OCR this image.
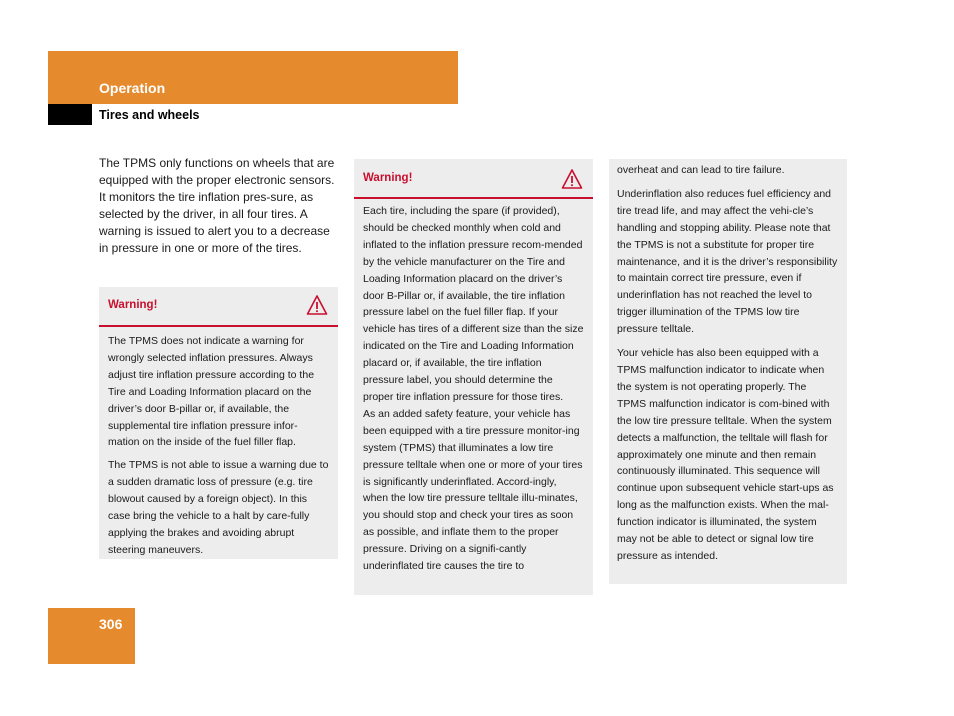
Operation
Tires and wheels
The TPMS only functions on wheels that are equipped with the proper electronic sensors. It monitors the tire inflation pres-sure, as selected by the driver, in all four tires. A warning is issued to alert you to a decrease in pressure in one or more of the tires.
Warning!

The TPMS does not indicate a warning for wrongly selected inflation pressures. Always adjust tire inflation pressure according to the Tire and Loading Information placard on the driver’s door B-pillar or, if available, the supplemental tire inflation pressure infor-mation on the inside of the fuel filler flap.

The TPMS is not able to issue a warning due to a sudden dramatic loss of pressure (e.g. tire blowout caused by a foreign object). In this case bring the vehicle to a halt by care-fully applying the brakes and avoiding abrupt steering maneuvers.

Warning!

Each tire, including the spare (if provided), should be checked monthly when cold and inflated to the inflation pressure recom-mended by the vehicle manufacturer on the Tire and Loading Information placard on the driver’s door B-Pillar or, if available, the tire inflation pressure label on the fuel filler flap. If your vehicle has tires of a different size than the size indicated on the Tire and Loading Information placard or, if available, the tire inflation pressure label, you should determine the proper tire inflation pressure for those tires.

As an added safety feature, your vehicle has been equipped with a tire pressure monitor-ing system (TPMS) that illuminates a low tire pressure telltale when one or more of your tires is significantly underinflated. Accord-ingly, when the low tire pressure telltale illu-minates, you should stop and check your tires as soon as possible, and inflate them to the proper pressure. Driving on a signifi-cantly underinflated tire causes the tire to

overheat and can lead to tire failure.

Underinflation also reduces fuel efficiency and tire tread life, and may affect the vehi-cle’s handling and stopping ability. Please note that the TPMS is not a substitute for proper tire maintenance, and it is the driver’s responsibility to maintain correct tire pressure, even if underinflation has not reached the level to trigger illumination of the TPMS low tire pressure telltale.

Your vehicle has also been equipped with a TPMS malfunction indicator to indicate when the system is not operating properly. The TPMS malfunction indicator is com-bined with the low tire pressure telltale. When the system detects a malfunction, the telltale will flash for approximately one minute and then remain continuously illuminated. This sequence will continue upon subsequent vehicle start-ups as long as the malfunction exists. When the mal-function indicator is illuminated, the system may not be able to detect or signal low tire pressure as intended.

306
